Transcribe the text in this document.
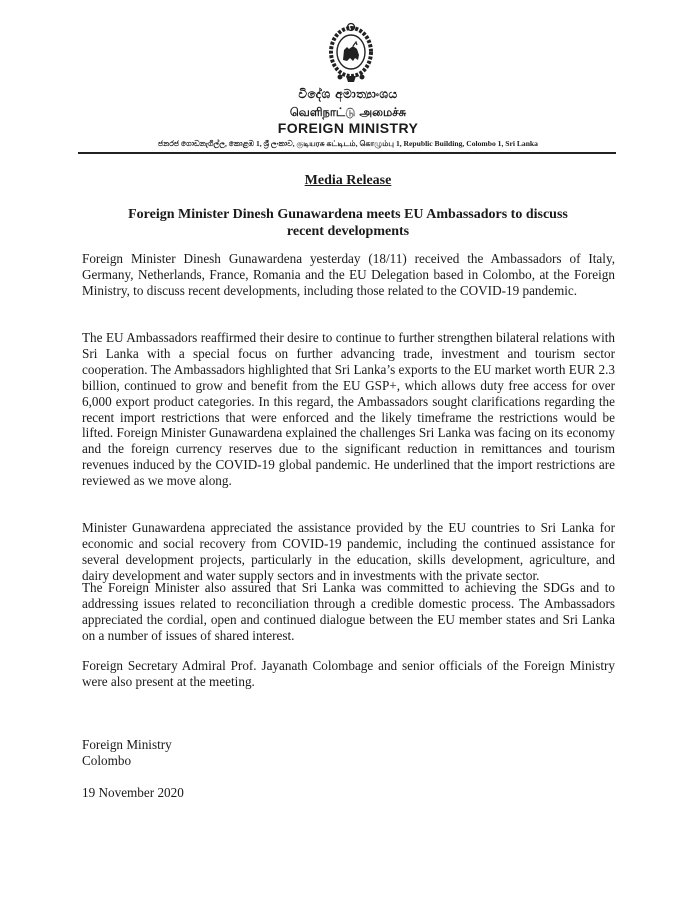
විදේශ අමාත්‍යාංශය
வெளிநாட்டு அமைச்சு
FOREIGN MINISTRY
ජනරජ ගොඩනැගිල්ල, කොළඹ 1, ශ්‍රී ලංකාව, குடியரசு கட்டிடம், கொழும்பு 1, Republic Building, Colombo 1, Sri Lanka
Media Release
Foreign Minister Dinesh Gunawardena meets EU Ambassadors to discuss recent developments

Foreign Minister Dinesh Gunawardena yesterday (18/11) received the Ambassadors of Italy, Germany, Netherlands, France, Romania and the EU Delegation based in Colombo, at the Foreign Ministry, to discuss recent developments, including those related to the COVID-19 pandemic.

The EU Ambassadors reaffirmed their desire to continue to further strengthen bilateral relations with Sri Lanka with a special focus on further advancing trade, investment and tourism sector cooperation. The Ambassadors highlighted that Sri Lanka’s exports to the EU market worth EUR 2.3 billion, continued to grow and benefit from the EU GSP+, which allows duty free access for over 6,000 export product categories. In this regard, the Ambassadors sought clarifications regarding the recent import restrictions that were enforced and the likely timeframe the restrictions would be lifted. Foreign Minister Gunawardena explained the challenges Sri Lanka was facing on its economy and the foreign currency reserves due to the significant reduction in remittances and tourism revenues induced by the COVID-19 global pandemic. He underlined that the import restrictions are reviewed as we move along.

Minister Gunawardena appreciated the assistance provided by the EU countries to Sri Lanka for economic and social recovery from COVID-19 pandemic, including the continued assistance for several development projects, particularly in the education, skills development, agriculture, and dairy development and water supply sectors and in investments with the private sector.

The Foreign Minister also assured that Sri Lanka was committed to achieving the SDGs and to addressing issues related to reconciliation through a credible domestic process. The Ambassadors appreciated the cordial, open and continued dialogue between the EU member states and Sri Lanka on a number of issues of shared interest.

Foreign Secretary Admiral Prof. Jayanath Colombage and senior officials of the Foreign Ministry were also present at the meeting.

Foreign Ministry
Colombo
19 November 2020
